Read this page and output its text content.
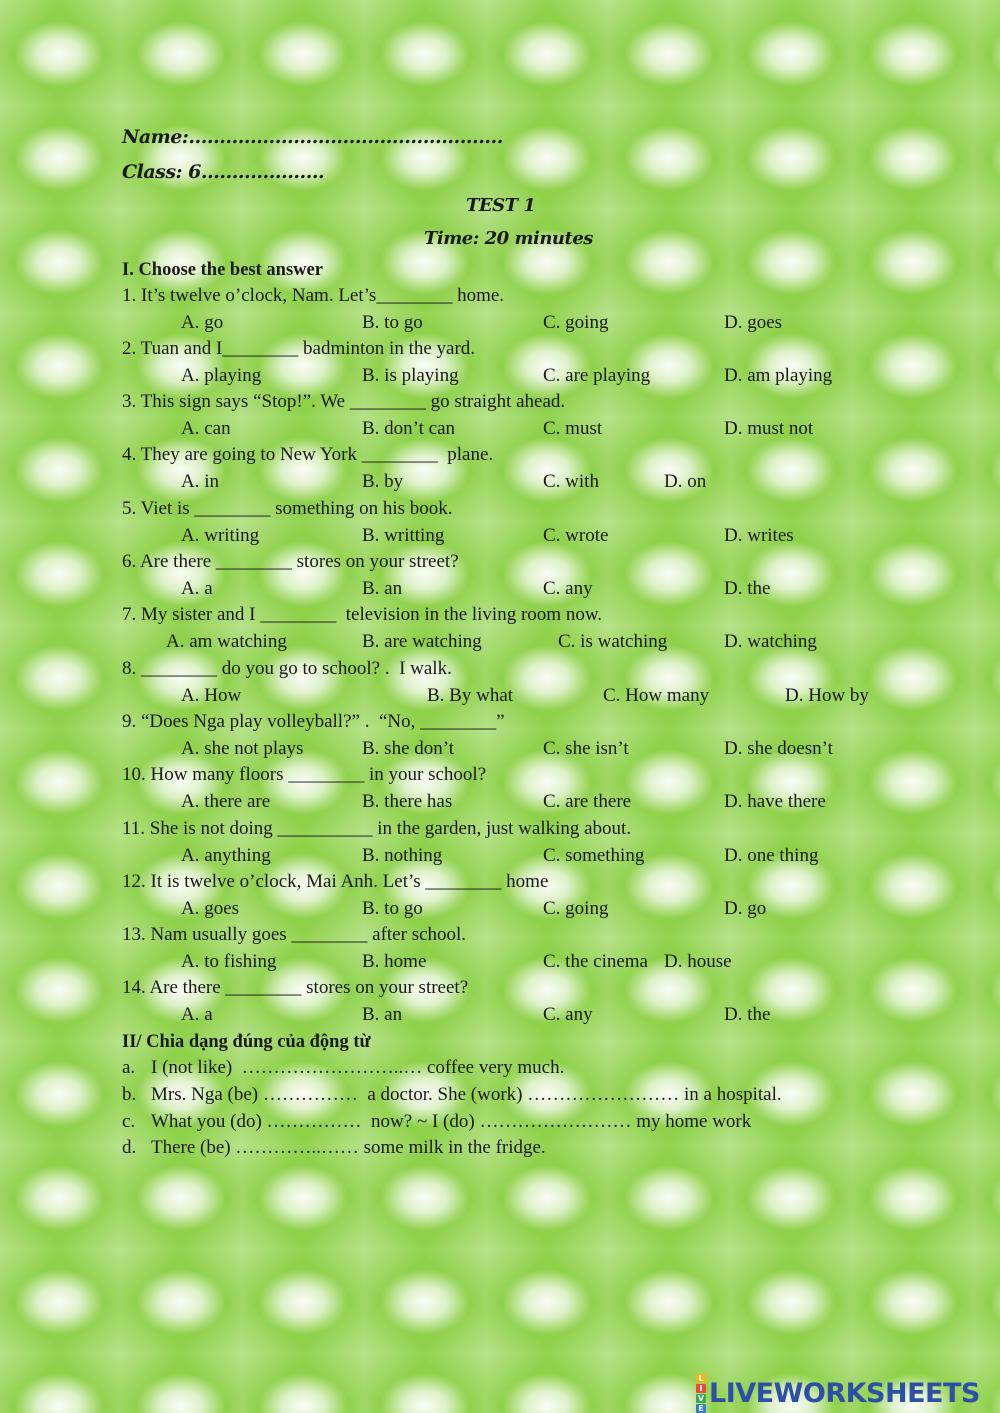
Name:……………………………………………
Class: 6………………..
TEST 1
Time: 20 minutes
I. Choose the best answer
1. It’s twelve o’clock, Nam. Let’s________ home.
A. go	B. to go	C. going	D. goes
2. Tuan and I________ badminton in the yard.
A. playing	B. is playing	C. are playing	D. am playing
3. This sign says “Stop!”. We ________ go straight ahead.
A. can	B. don’t can	C. must	D. must not
4. They are going to New York ________  plane.
A. in	B. by	C. with	D. on
5. Viet is ________ something on his book.
A. writing	B. writting	C. wrote	D. writes
6. Are there ________ stores on your street?
A. a	B. an	C. any	D. the
7. My sister and I ________  television in the living room now.
A. am watching	B. are watching	C. is watching	D. watching
8. ________ do you go to school? .  I walk.
A. How	B. By what	C. How many	D. How by
9. “Does Nga play volleyball?” .  “No, ________”
A. she not plays	B. she don’t	C. she isn’t	D. she doesn’t
10. How many floors ________ in your school?
A. there are	B. there has	C. are there	D. have there
11. She is not doing __________ in the garden, just walking about.
A. anything	B. nothing	C. something	D. one thing
12. It is twelve o’clock, Mai Anh. Let’s ________ home
A. goes	B. to go	C. going	D. go
13. Nam usually goes ________ after school.
A. to fishing	B. home	C. the cinema D. house
14. Are there ________ stores on your street?
A. a	B. an	C. any	D. the
II/ Chia dạng đúng của động từ
a. I (not like)  ……………………..… coffee very much.
b. Mrs. Nga (be) ……………  a doctor. She (work) …………………… in a hospital.
c. What you (do) ……………  now? ~ I (do) …………………… my home work
d. There (be) …………..…… some milk in the fridge.
L
I
V
E LIVEWORKSHEETS
